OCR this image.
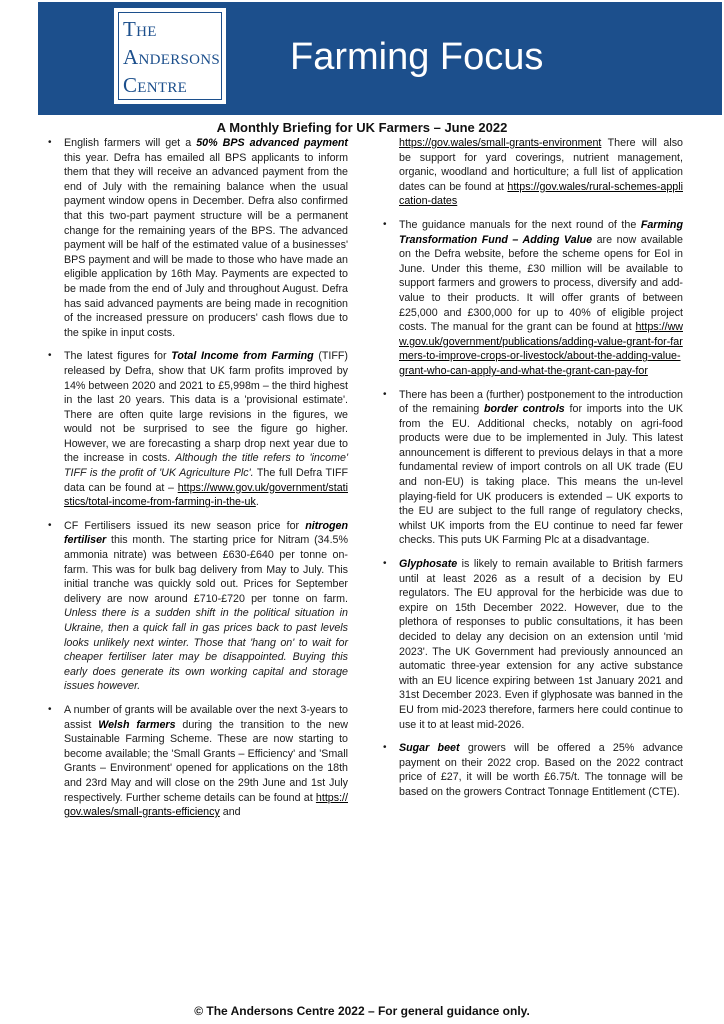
The
Andersons
Centre
Farming Focus
A Monthly Briefing for UK Farmers – June 2022
• English farmers will get a 50% BPS advanced payment this year. Defra has emailed all BPS applicants to inform them that they will receive an advanced payment from the end of July with the remaining balance when the usual payment window opens in December. Defra also confirmed that this two-part payment structure will be a permanent change for the remaining years of the BPS. The advanced payment will be half of the estimated value of a businesses' BPS payment and will be made to those who have made an eligible application by 16th May. Payments are expected to be made from the end of July and throughout August. Defra has said advanced payments are being made in recognition of the increased pressure on producers' cash flows due to the spike in input costs.
• The latest figures for Total Income from Farming (TIFF) released by Defra, show that UK farm profits improved by 14% between 2020 and 2021 to £5,998m – the third highest in the last 20 years. This data is a 'provisional estimate'. There are often quite large revisions in the figures, we would not be surprised to see the figure go higher. However, we are forecasting a sharp drop next year due to the increase in costs. Although the title refers to 'income' TIFF is the profit of 'UK Agriculture Plc'. The full Defra TIFF data can be found at – https://www.gov.uk/government/statistics/total-income-from-farming-in-the-uk.
• CF Fertilisers issued its new season price for nitrogen fertiliser this month. The starting price for Nitram (34.5% ammonia nitrate) was between £630-£640 per tonne on-farm. This was for bulk bag delivery from May to July. This initial tranche was quickly sold out. Prices for September delivery are now around £710-£720 per tonne on farm. Unless there is a sudden shift in the political situation in Ukraine, then a quick fall in gas prices back to past levels looks unlikely next winter. Those that 'hang on' to wait for cheaper fertiliser later may be disappointed. Buying this early does generate its own working capital and storage issues however.
• A number of grants will be available over the next 3-years to assist Welsh farmers during the transition to the new Sustainable Farming Scheme. These are now starting to become available; the 'Small Grants – Efficiency' and 'Small Grants – Environment' opened for applications on the 18th and 23rd May and will close on the 29th June and 1st July respectively. Further scheme details can be found at https://gov.wales/small-grants-efficiency and
https://gov.wales/small-grants-environment There will also be support for yard coverings, nutrient management, organic, woodland and horticulture; a full list of application dates can be found at https://gov.wales/rural-schemes-application-dates
• The guidance manuals for the next round of the Farming Transformation Fund – Adding Value are now available on the Defra website, before the scheme opens for EoI in June. Under this theme, £30 million will be available to support farmers and growers to process, diversify and add-value to their products. It will offer grants of between £25,000 and £300,000 for up to 40% of eligible project costs. The manual for the grant can be found at https://www.gov.uk/government/publications/adding-value-grant-for-farmers-to-improve-crops-or-livestock/about-the-adding-value-grant-who-can-apply-and-what-the-grant-can-pay-for
• There has been a (further) postponement to the introduction of the remaining border controls for imports into the UK from the EU. Additional checks, notably on agri-food products were due to be implemented in July. This latest announcement is different to previous delays in that a more fundamental review of import controls on all UK trade (EU and non-EU) is taking place. This means the un-level playing-field for UK producers is extended – UK exports to the EU are subject to the full range of regulatory checks, whilst UK imports from the EU continue to need far fewer checks. This puts UK Farming Plc at a disadvantage.
• Glyphosate is likely to remain available to British farmers until at least 2026 as a result of a decision by EU regulators. The EU approval for the herbicide was due to expire on 15th December 2022. However, due to the plethora of responses to public consultations, it has been decided to delay any decision on an extension until 'mid 2023'. The UK Government had previously announced an automatic three-year extension for any active substance with an EU licence expiring between 1st January 2021 and 31st December 2023. Even if glyphosate was banned in the EU from mid-2023 therefore, farmers here could continue to use it to at least mid-2026.
• Sugar beet growers will be offered a 25% advance payment on their 2022 crop. Based on the 2022 contract price of £27, it will be worth £6.75/t. The tonnage will be based on the growers Contract Tonnage Entitlement (CTE).
© The Andersons Centre 2022 – For general guidance only.
